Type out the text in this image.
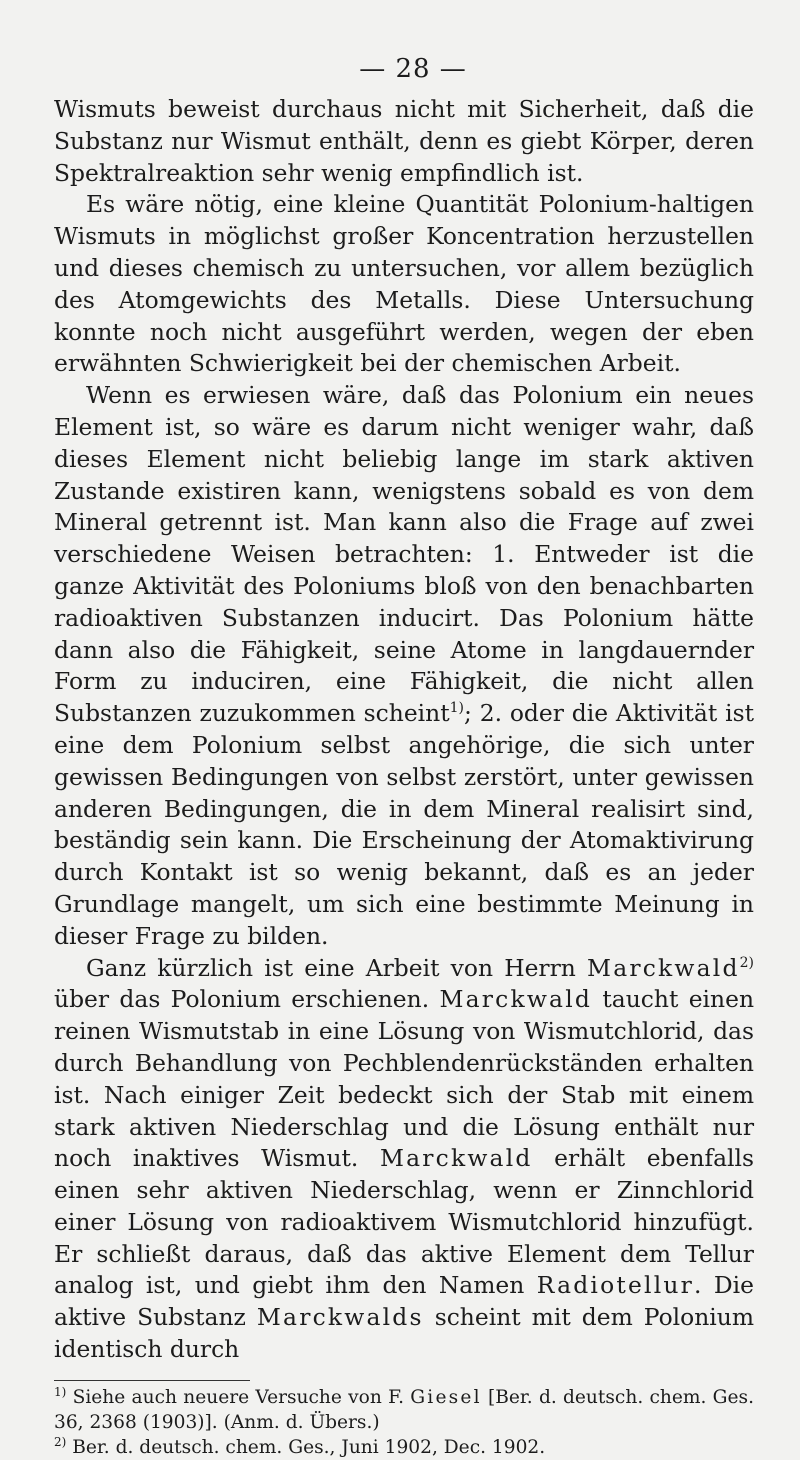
— 28 —

Wismuts beweist durchaus nicht mit Sicherheit, daß die Substanz nur Wismut enthält, denn es giebt Körper, deren Spektralreaktion sehr wenig empfindlich ist.

Es wäre nötig, eine kleine Quantität Polonium-haltigen Wismuts in möglichst großer Koncentration herzustellen und dieses chemisch zu untersuchen, vor allem bezüglich des Atomgewichts des Metalls. Diese Untersuchung konnte noch nicht ausgeführt werden, wegen der eben erwähnten Schwierigkeit bei der chemischen Arbeit.

Wenn es erwiesen wäre, daß das Polonium ein neues Element ist, so wäre es darum nicht weniger wahr, daß dieses Element nicht beliebig lange im stark aktiven Zustande existiren kann, wenigstens sobald es von dem Mineral getrennt ist. Man kann also die Frage auf zwei verschiedene Weisen betrachten: 1. Entweder ist die ganze Aktivität des Poloniums bloß von den benachbarten radioaktiven Substanzen inducirt. Das Polonium hätte dann also die Fähigkeit, seine Atome in langdauernder Form zu induciren, eine Fähigkeit, die nicht allen Substanzen zuzukommen scheint$^{1)}$; 2. oder die Aktivität ist eine dem Polonium selbst angehörige, die sich unter gewissen Bedingungen von selbst zerstört, unter gewissen anderen Bedingungen, die in dem Mineral realisirt sind, beständig sein kann. Die Erscheinung der Atomaktivirung durch Kontakt ist so wenig bekannt, daß es an jeder Grundlage mangelt, um sich eine bestimmte Meinung in dieser Frage zu bilden.

Ganz kürzlich ist eine Arbeit von Herrn Marckwald$^{2)}$ über das Polonium erschienen. Marckwald taucht einen reinen Wismutstab in eine Lösung von Wismutchlorid, das durch Behandlung von Pechblendenrückständen erhalten ist. Nach einiger Zeit bedeckt sich der Stab mit einem stark aktiven Niederschlag und die Lösung enthält nur noch inaktives Wismut. Marckwald erhält ebenfalls einen sehr aktiven Niederschlag, wenn er Zinnchlorid einer Lösung von radioaktivem Wismutchlorid hinzufügt. Er schließt daraus, daß das aktive Element dem Tellur analog ist, und giebt ihm den Namen Radiotellur. Die aktive Substanz Marckwalds scheint mit dem Polonium identisch durch

$^{1)}$ Siehe auch neuere Versuche von F. Giesel [Ber. d. deutsch. chem. Ges. 36, 2368 (1903)]. (Anm. d. Übers.)

$^{2)}$ Ber. d. deutsch. chem. Ges., Juni 1902, Dec. 1902.
